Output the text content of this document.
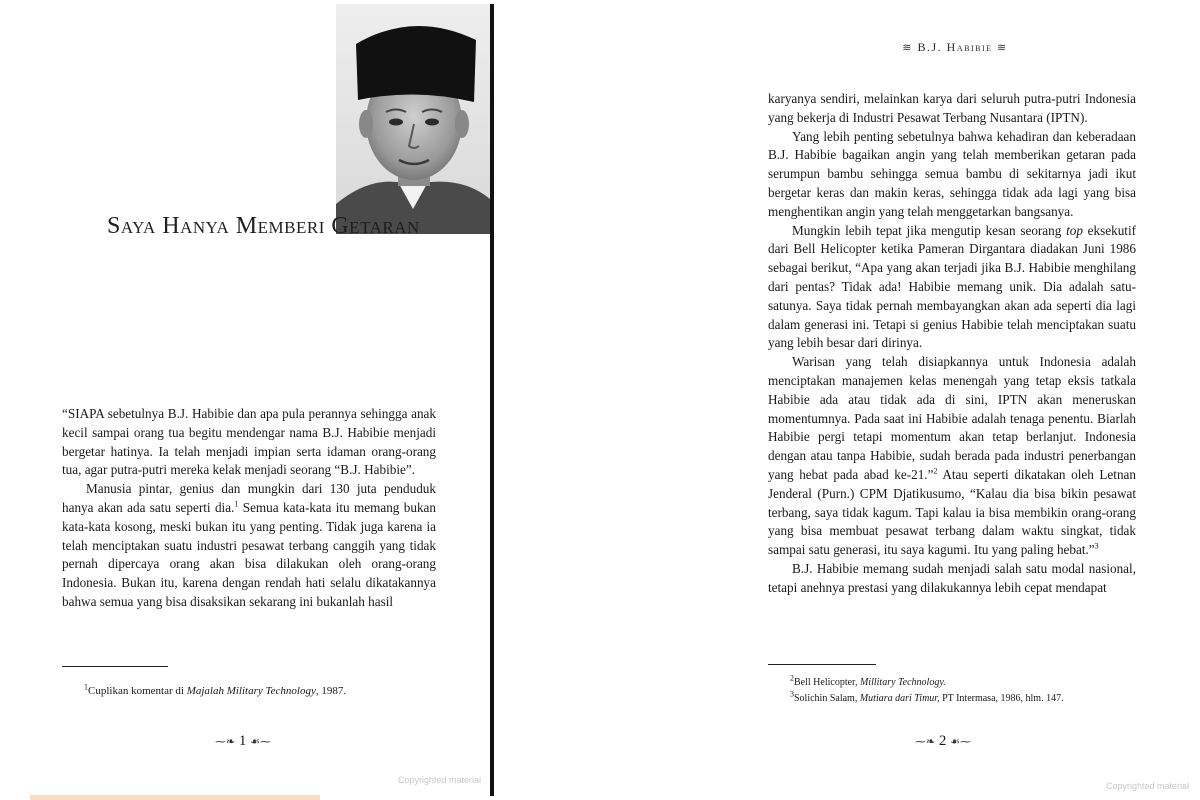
Saya Hanya Memberi Getaran

“SIAPA sebetulnya B.J. Habibie dan apa pula perannya sehingga anak kecil sampai orang tua begitu mendengar nama B.J. Habibie menjadi bergetar hatinya. Ia telah menjadi impian serta idaman orang-orang tua, agar putra-putri mereka kelak menjadi seorang “B.J. Habibie”.

Manusia pintar, genius dan mungkin dari 130 juta penduduk hanya akan ada satu seperti dia.$^1$ Semua kata-kata itu memang bukan kata-kata kosong, meski bukan itu yang penting. Tidak juga karena ia telah menciptakan suatu industri pesawat terbang canggih yang tidak pernah dipercaya orang akan bisa dilakukan oleh orang-orang Indonesia. Bukan itu, karena dengan rendah hati selalu dikatakannya bahwa semua yang bisa disaksikan sekarang ini bukanlah hasil

$^1$Cuplikan komentar di Majalah Military Technology, 1987.
⁓❧ 1 ☙⁓
Copyrighted material
≋ B.J. Habibie ≋

karyanya sendiri, melainkan karya dari seluruh putra-putri Indonesia yang bekerja di Industri Pesawat Terbang Nusantara (IPTN).

Yang lebih penting sebetulnya bahwa kehadiran dan keberadaan B.J. Habibie bagaikan angin yang telah memberikan getaran pada serumpun bambu sehingga semua bambu di sekitarnya jadi ikut bergetar keras dan makin keras, sehingga tidak ada lagi yang bisa menghentikan angin yang telah menggetarkan bangsanya.

Mungkin lebih tepat jika mengutip kesan seorang top eksekutif dari Bell Helicopter ketika Pameran Dirgantara diadakan Juni 1986 sebagai berikut, “Apa yang akan terjadi jika B.J. Habibie menghilang dari pentas? Tidak ada! Habibie memang unik. Dia adalah satu-satunya. Saya tidak pernah membayangkan akan ada seperti dia lagi dalam generasi ini. Tetapi si genius Habibie telah menciptakan suatu yang lebih besar dari dirinya.

Warisan yang telah disiapkannya untuk Indonesia adalah menciptakan manajemen kelas menengah yang tetap eksis tatkala Habibie ada atau tidak ada di sini, IPTN akan meneruskan momentumnya. Pada saat ini Habibie adalah tenaga penentu. Biarlah Habibie pergi tetapi momentum akan tetap berlanjut. Indonesia dengan atau tanpa Habibie, sudah berada pada industri penerbangan yang hebat pada abad ke-21.”$^2$ Atau seperti dikatakan oleh Letnan Jenderal (Purn.) CPM Djatikusumo, “Kalau dia bisa bikin pesawat terbang, saya tidak kagum. Tapi kalau ia bisa membikin orang-orang yang bisa membuat pesawat terbang dalam waktu singkat, tidak sampai satu generasi, itu saya kagumi. Itu yang paling hebat.”$^3$

B.J. Habibie memang sudah menjadi salah satu modal nasional, tetapi anehnya prestasi yang dilakukannya lebih cepat mendapat

$^2$Bell Helicopter, Millitary Technology.
$^3$Solichin Salam, Mutiara dari Timur, PT Intermasa, 1986, hlm. 147.
⁓❧ 2 ☙⁓
Copyrighted material
